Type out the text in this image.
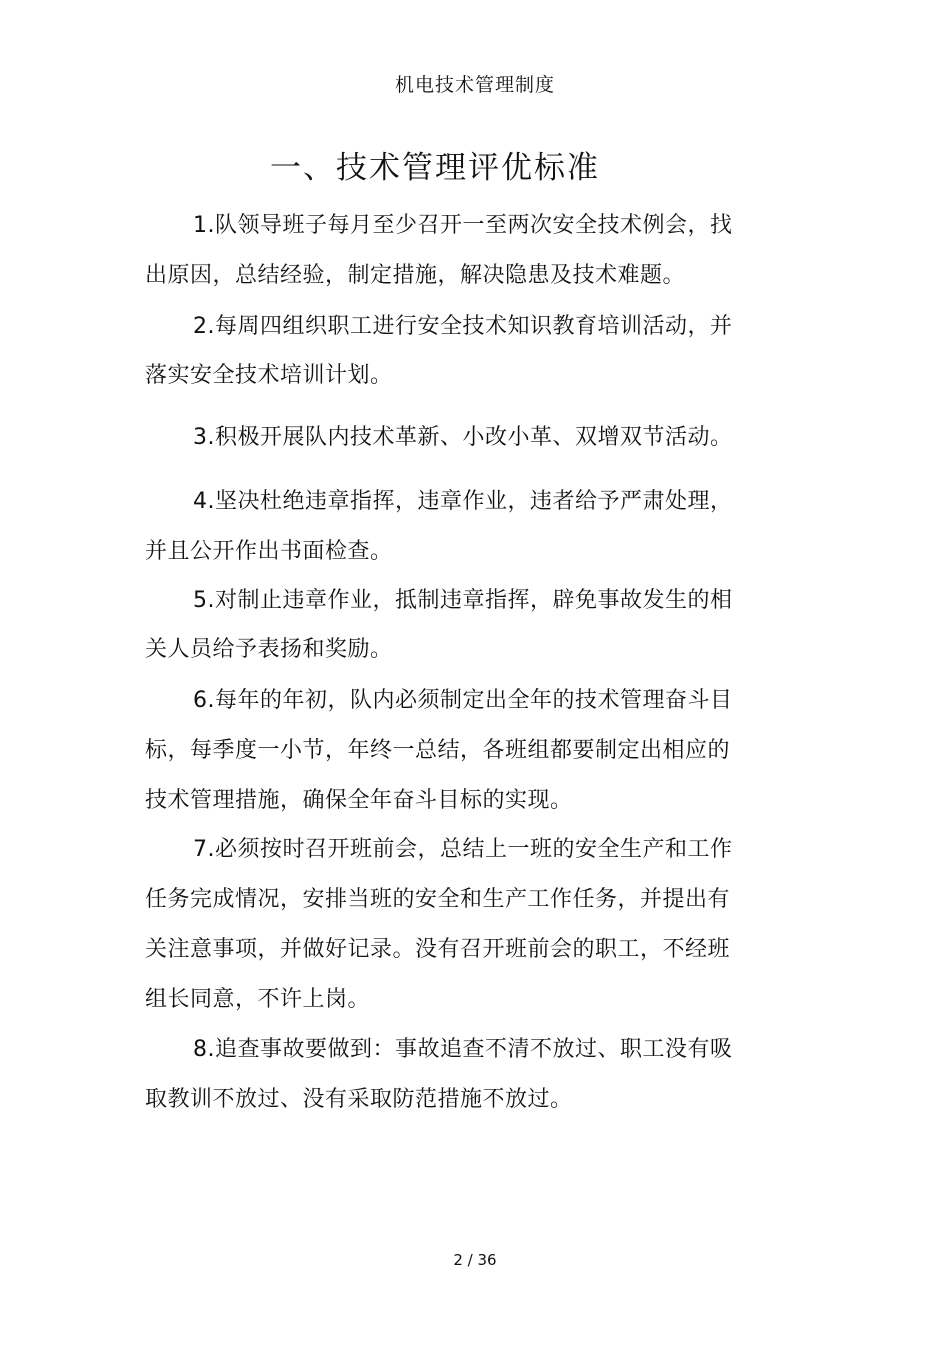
机电技术管理制度
一、技术管理评优标准
1.队领导班子每月至少召开一至两次安全技术例会，找
出原因，总结经验，制定措施，解决隐患及技术难题。
2.每周四组织职工进行安全技术知识教育培训活动，并
落实安全技术培训计划。
3.积极开展队内技术革新、小改小革、双增双节活动。
4.坚决杜绝违章指挥，违章作业，违者给予严肃处理，
并且公开作出书面检查。
5.对制止违章作业，抵制违章指挥，辟免事故发生的相
关人员给予表扬和奖励。
6.每年的年初，队内必须制定出全年的技术管理奋斗目
标，每季度一小节，年终一总结，各班组都要制定出相应的
技术管理措施，确保全年奋斗目标的实现。
7.必须按时召开班前会，总结上一班的安全生产和工作
任务完成情况，安排当班的安全和生产工作任务，并提出有
关注意事项，并做好记录。没有召开班前会的职工，不经班
组长同意，不许上岗。
8.追查事故要做到：事故追查不清不放过、职工没有吸
取教训不放过、没有采取防范措施不放过。
2 / 36
